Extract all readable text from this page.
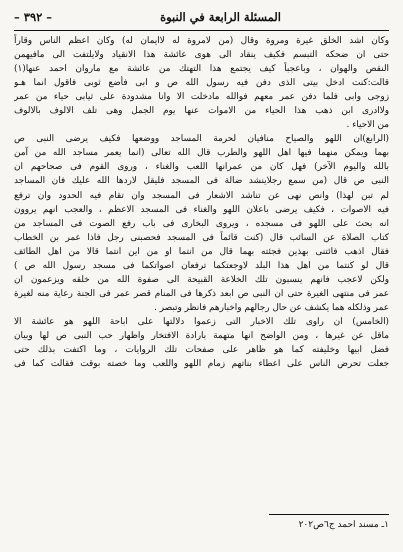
المسئلة الرابعة في النبوة
– ٣٩٢ –
وكان اشد الخلق غيرة ومروة وقال (من لامروة له لاايمان له) وكان اعظم الناس وقاراً
حتى ان ضحكه التبسم فكيف ينقاد الى هوى عائشة هذا الانقياد ولايلتفت الى مافيهمن
النقص والهوان ، وباعجباً كيف يجتمع هذا التهتك من عائشة مع ماروان احمد عنها(١)
قالت:كنت ادخل بيتى الذى دفن فيه رسول الله ص و ابى فأضع ثوبى فاقول انما هـو
زوجى وابى فلما دفن عمر معهم فوالله مادخلت الا وانا مشدودة على ثيابى حياء من عمر
ولاادرى ابن ذهب هذا الحياء من الاموات عنها يوم الجمل وهى تلف الالوف بالالوف
من الاحياء .
(الرابع)ان اللهو والصياح منافيان لحرمة المساجد ووضعها فكيف يرضى النبى ص
بهما ويمكن منهما فيها اهل اللهو والطرب قال الله تعالى (انما يعمر مساجد الله من آمن
بالله واليوم الآخر) فهل كان من عمرانها اللعب والغناء ، وروى القوم فى صحاحهم ان
النبى ص قال (من سمع رجلاينشد ضالة فى المسجد فليقل لاردها الله عليك فان المساجد
لم تبن لهذا) وانص نهى عن تناشد الاشعار فى المسجد وان تقام فيه الحدود وان ترفع
فيه الاصوات ، فكيف يرضى باعلان اللهو والغناء فى المسجد الاعظم ، والعجب انهم يروون
انه بحث على اللهو فى مسجده ، ويروى البخارى فى باب رفع الصوت فى المساجد من
كتاب الصلاة عن السائب قال (كنت قائماً فى المسجد فحصبنى رجل فاذا عمر بن الخطاب
فقال اذهب فائتنى بهذين فجئته بهما قال من انتما او من اين انتما قالا من اهل الطائف
قال لو كنتما من اهل هذا البلد لاوجعتكما ترفعان اصواتكما فى مسجد رسول الله ص )
ولكن لاعجب فانهم ينسبون تلك الخلاعة القبيحة الى صفوة الله من خلقه ويزعمون ان
عمر فى منتهى الغيرة حتى ان النبى ص ابعد ذكرها فى المنام قصر عمر فى الجنة رعاية منه لغيرة
عمر وذلكله هما يكشف عن حال رجالهم واخبارهم فانظر وتبصر .
(الخامس) ان راوى تلك الاخبار التى زعموا دلالتها على اباحة اللهو هو عائشة الا
ماقل عن غيرها ، ومن الواضح انها متهمة بارادة الافتخار واظهار حب النبى ص لها وبيان
فضل ابيها وخليفته كما هو ظاهر على صفحات تلك الروايات ، وما اكتفت بذلك حتى
جعلت تحرض الناس على اعطاء بناتهم زمام اللهو واللعب وما خصته بوقت فقالت كما فى
١ـ مسند احمد ج٦ص٢٠٢
